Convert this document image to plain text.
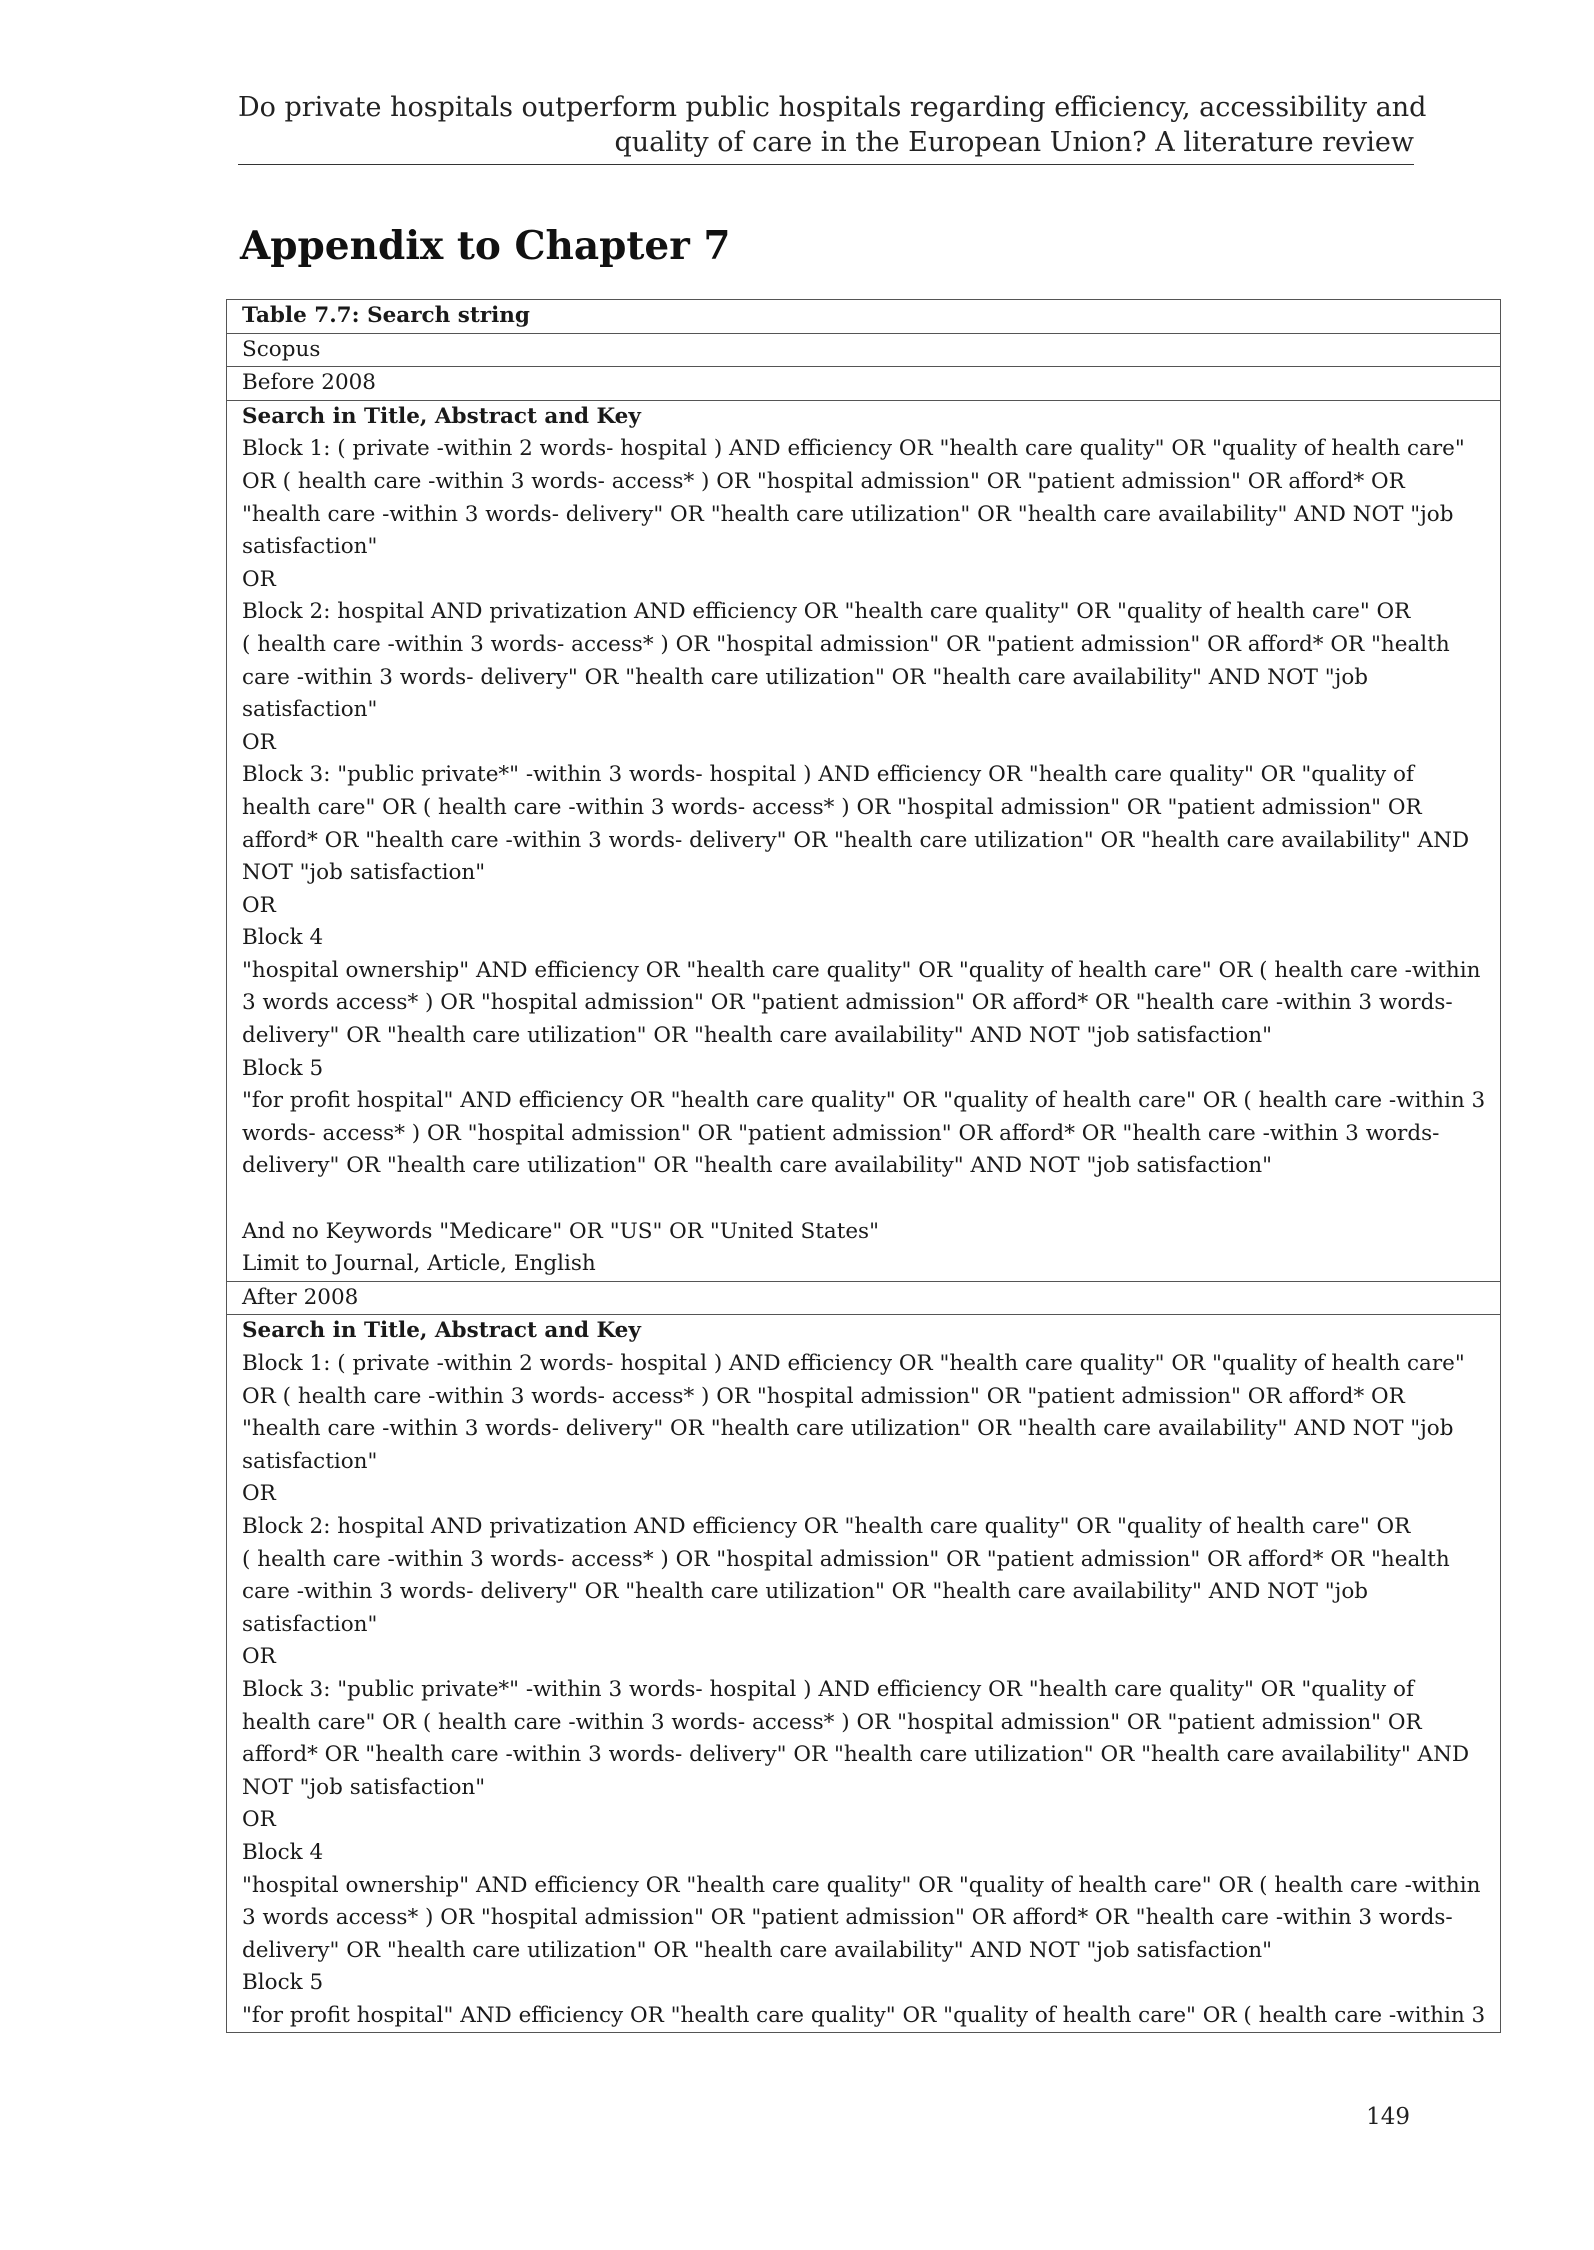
Do private hospitals outperform public hospitals regarding efficiency, accessibility and
quality of care in the European Union? A literature review
Appendix to Chapter 7
Table 7.7: Search string
Scopus
Before 2008

Search in Title, Abstract and Key
Block 1: ( private -within 2 words- hospital ) AND efficiency OR "health care quality" OR "quality of health care"
OR ( health care -within 3 words- access* ) OR "hospital admission" OR "patient admission" OR afford* OR
"health care -within 3 words- delivery" OR "health care utilization" OR "health care availability" AND NOT "job
satisfaction"
OR
Block 2: hospital AND privatization AND efficiency OR "health care quality" OR "quality of health care" OR
( health care -within 3 words- access* ) OR "hospital admission" OR "patient admission" OR afford* OR "health
care -within 3 words- delivery" OR "health care utilization" OR "health care availability" AND NOT "job
satisfaction"
OR
Block 3: "public private*" -within 3 words- hospital ) AND efficiency OR "health care quality" OR "quality of
health care" OR ( health care -within 3 words- access* ) OR "hospital admission" OR "patient admission" OR
afford* OR "health care -within 3 words- delivery" OR "health care utilization" OR "health care availability" AND
NOT "job satisfaction"
OR
Block 4
"hospital ownership" AND efficiency OR "health care quality" OR "quality of health care" OR ( health care -within
3 words access* ) OR "hospital admission" OR "patient admission" OR afford* OR "health care -within 3 words-
delivery" OR "health care utilization" OR "health care availability" AND NOT "job satisfaction"
Block 5
"for profit hospital" AND efficiency OR "health care quality" OR "quality of health care" OR ( health care -within 3
words- access* ) OR "hospital admission" OR "patient admission" OR afford* OR "health care -within 3 words-
delivery" OR "health care utilization" OR "health care availability" AND NOT "job satisfaction"
And no Keywords "Medicare" OR "US" OR "United States"
Limit to Journal, Article, English

After 2008

Search in Title, Abstract and Key
Block 1: ( private -within 2 words- hospital ) AND efficiency OR "health care quality" OR "quality of health care"
OR ( health care -within 3 words- access* ) OR "hospital admission" OR "patient admission" OR afford* OR
"health care -within 3 words- delivery" OR "health care utilization" OR "health care availability" AND NOT "job
satisfaction"
OR
Block 2: hospital AND privatization AND efficiency OR "health care quality" OR "quality of health care" OR
( health care -within 3 words- access* ) OR "hospital admission" OR "patient admission" OR afford* OR "health
care -within 3 words- delivery" OR "health care utilization" OR "health care availability" AND NOT "job
satisfaction"
OR
Block 3: "public private*" -within 3 words- hospital ) AND efficiency OR "health care quality" OR "quality of
health care" OR ( health care -within 3 words- access* ) OR "hospital admission" OR "patient admission" OR
afford* OR "health care -within 3 words- delivery" OR "health care utilization" OR "health care availability" AND
NOT "job satisfaction"
OR
Block 4
"hospital ownership" AND efficiency OR "health care quality" OR "quality of health care" OR ( health care -within
3 words access* ) OR "hospital admission" OR "patient admission" OR afford* OR "health care -within 3 words-
delivery" OR "health care utilization" OR "health care availability" AND NOT "job satisfaction"
Block 5
"for profit hospital" AND efficiency OR "health care quality" OR "quality of health care" OR ( health care -within 3
149
